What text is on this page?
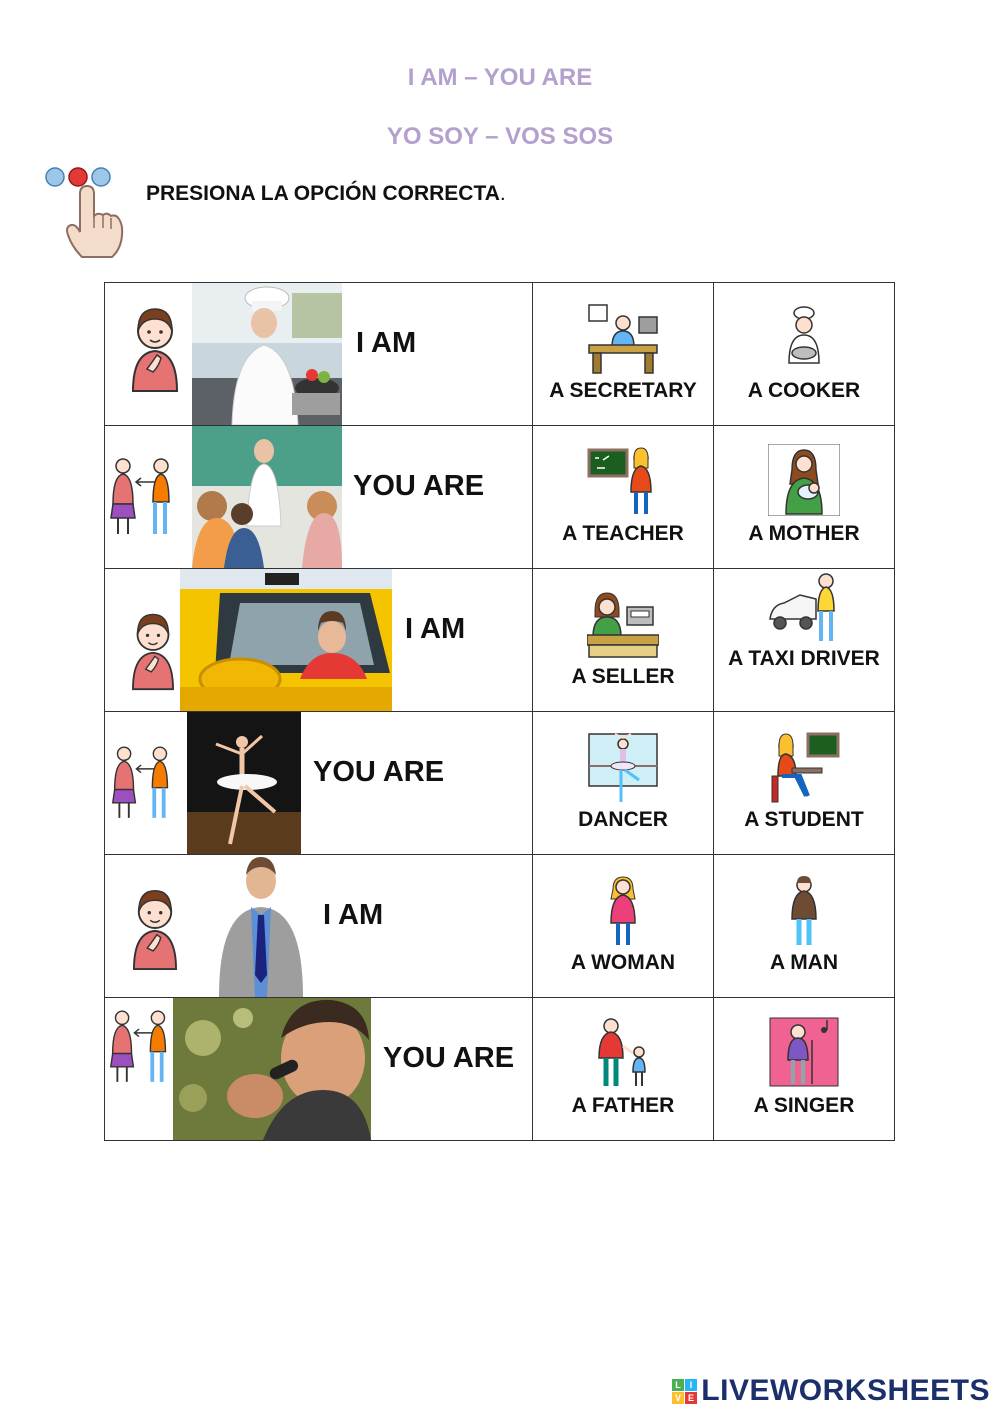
I AM – YOU ARE
YO SOY – VOS SOS
PRESIONA LA OPCIÓN CORRECTA.
I AM	A SECRETARY	A COOKER

YOU ARE	A TEACHER	A MOTHER

I AM	A SELLER	A TAXI DRIVER

YOU ARE	DANCER	A STUDENT

I AM	A WOMAN	A MAN

YOU ARE	A FATHER	A SINGER
L I
V E LIVEWORKSHEETS
